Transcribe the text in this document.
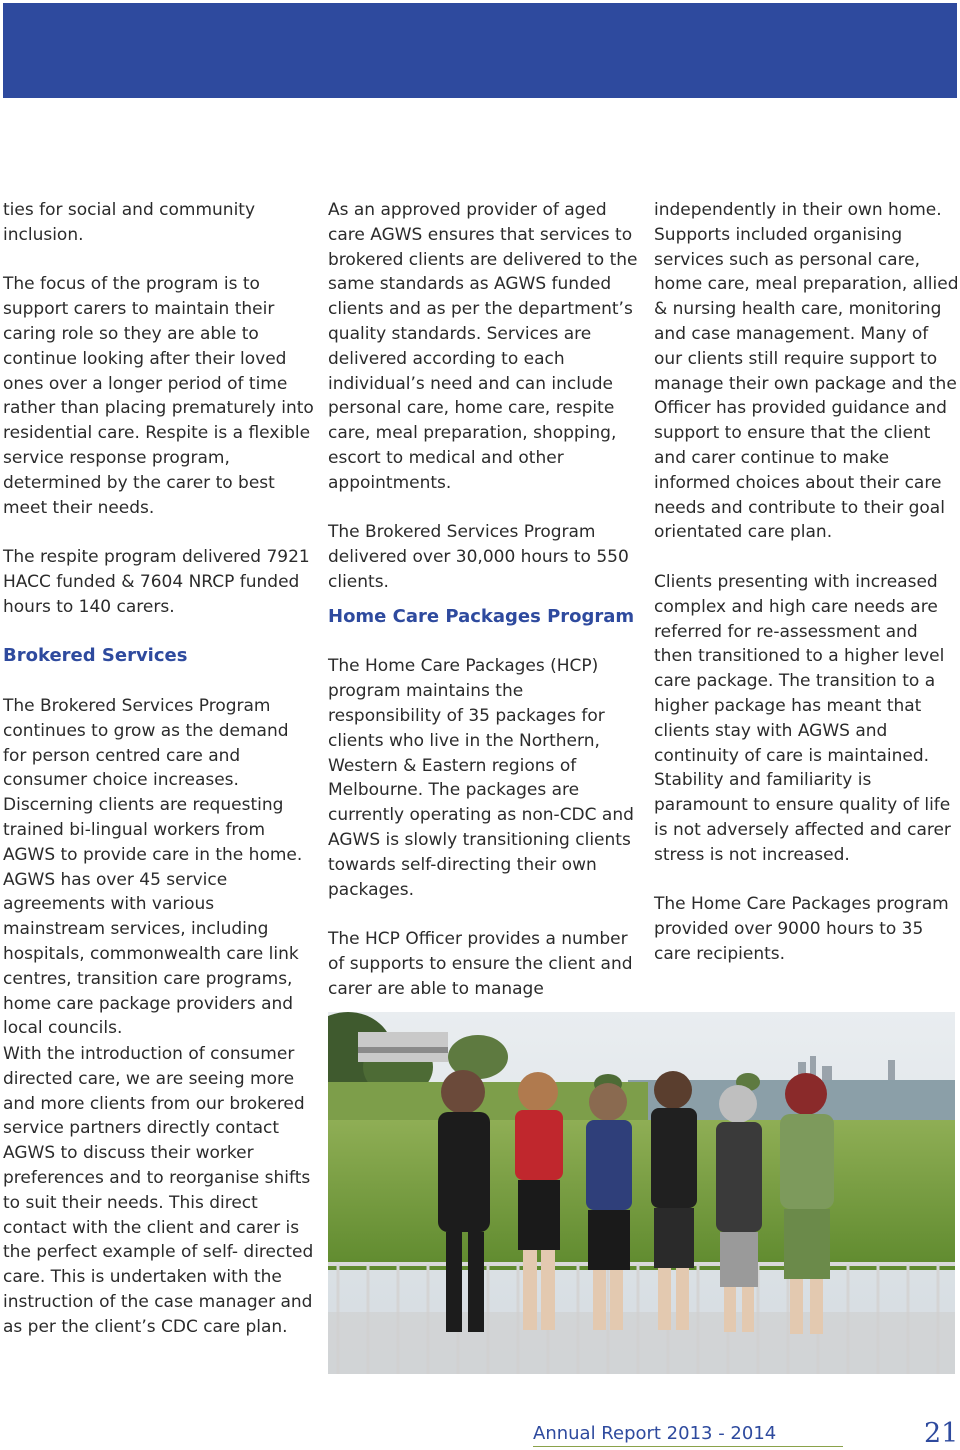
ties for social and community inclusion.

The focus of the program is to support carers to maintain their caring role so they are able to continue looking after their loved ones over a longer period of time rather than placing prematurely into residential care. Respite is a flexible service response program, determined by the carer to best meet their needs.

The respite program delivered 7921 HACC funded & 7604 NRCP funded hours to 140 carers.

Brokered Services

The Brokered Services Program continues to grow as the demand for person centred care and consumer choice increases. Discerning clients are requesting trained bi-lingual workers from AGWS to provide care in the home. AGWS has over 45 service agreements with various mainstream services, including hospitals, commonwealth care link centres, transition care programs, home care package providers and local councils.

With the introduction of consumer directed care, we are seeing more and more clients from our brokered service partners directly contact AGWS to discuss their worker preferences and to reorganise shifts to suit their needs. This direct contact with the client and carer is the perfect example of self- directed care. This is undertaken with the instruction of the case manager and as per the client’s CDC care plan.

As an approved provider of aged care AGWS ensures that services to brokered clients are delivered to the same standards as AGWS funded clients and as per the department’s quality standards. Services are delivered according to each individual’s need and can include personal care, home care, respite care, meal preparation, shopping, escort to medical and other appointments.

The Brokered Services Program delivered over 30,000 hours to 550 clients.

Home Care Packages Program

The Home Care Packages (HCP) program maintains the responsibility of 35 packages for clients who live in the Northern, Western & Eastern regions of Melbourne. The packages are currently operating as non-CDC and AGWS is slowly transitioning clients towards self-directing their own packages.

The HCP Officer provides a number of supports to ensure the client and carer are able to manage

independently in their own home. Supports included organising services such as personal care, home care, meal preparation, allied & nursing health care, monitoring and case management. Many of our clients still require support to manage their own package and the Officer has provided guidance and support to ensure that the client and carer continue to make informed choices about their care needs and contribute to their goal orientated care plan.

Clients presenting with increased complex and high care needs are referred for re-assessment and then transitioned to a higher level care package. The transition to a higher package has meant that clients stay with AGWS and continuity of care is maintained. Stability and familiarity is paramount to ensure quality of life is not adversely affected and carer stress is not increased.

The Home Care Packages program provided over 9000 hours to 35 care recipients.

Annual Report 2013 - 2014	21
